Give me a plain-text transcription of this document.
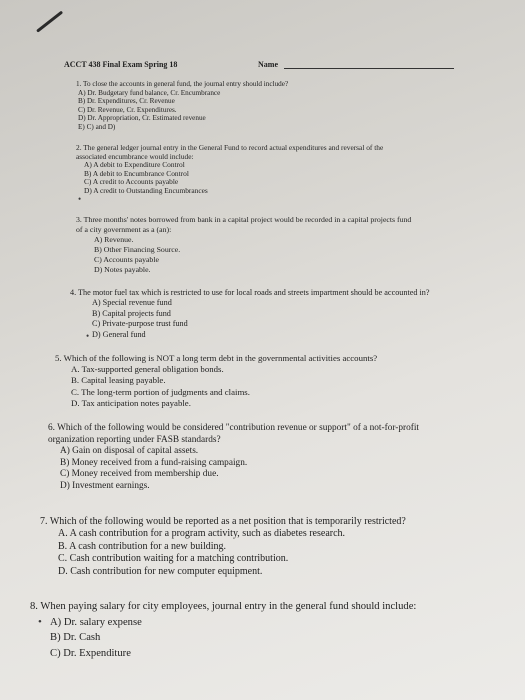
ACCT 438 Final Exam Spring 18	Name
1. To close the accounts in general fund, the journal entry should include?
A) Dr. Budgetary fund balance, Cr. Encumbrance
B) Dr. Expenditures, Cr. Revenue
C) Dr. Revenue, Cr. Expenditures.
D) Dr. Appropriation, Cr. Estimated revenue
E) C) and D)
2. The general ledger journal entry in the General Fund to record actual expenditures and reversal of the
associated encumbrance would include:
A) A debit to Expenditure Control
B) A debit to Encumbrance Control
C) A credit to Accounts payable
D) A credit to Outstanding Encumbrances
•
3. Three months' notes borrowed from bank in a capital project would be recorded in a capital projects fund
of a city government as a (an):
A) Revenue.
B) Other Financing Source.
C) Accounts payable
D) Notes payable.
4. The motor fuel tax which is restricted to use for local roads and streets impartment should be accounted in?
A) Special revenue fund
B) Capital projects fund
C) Private-purpose trust fund
D) General fund
•
5. Which of the following is NOT a long term debt in the governmental activities accounts?
A. Tax-supported general obligation bonds.
B. Capital leasing payable.
C. The long-term portion of judgments and claims.
D. Tax anticipation notes payable.
6. Which of the following would be considered "contribution revenue or support" of a not-for-profit
organization reporting under FASB standards?
A) Gain on disposal of capital assets.
B) Money received from a fund-raising campaign.
C) Money received from membership due.
D) Investment earnings.
7. Which of the following would be reported as a net position that is temporarily restricted?
A. A cash contribution for a program activity, such as diabetes research.
B. A cash contribution for a new building.
C. Cash contribution waiting for a matching contribution.
D. Cash contribution for new computer equipment.
8. When paying salary for city employees, journal entry in the general fund should include:
A) Dr. salary expense
B) Dr. Cash
C) Dr. Expenditure
•
